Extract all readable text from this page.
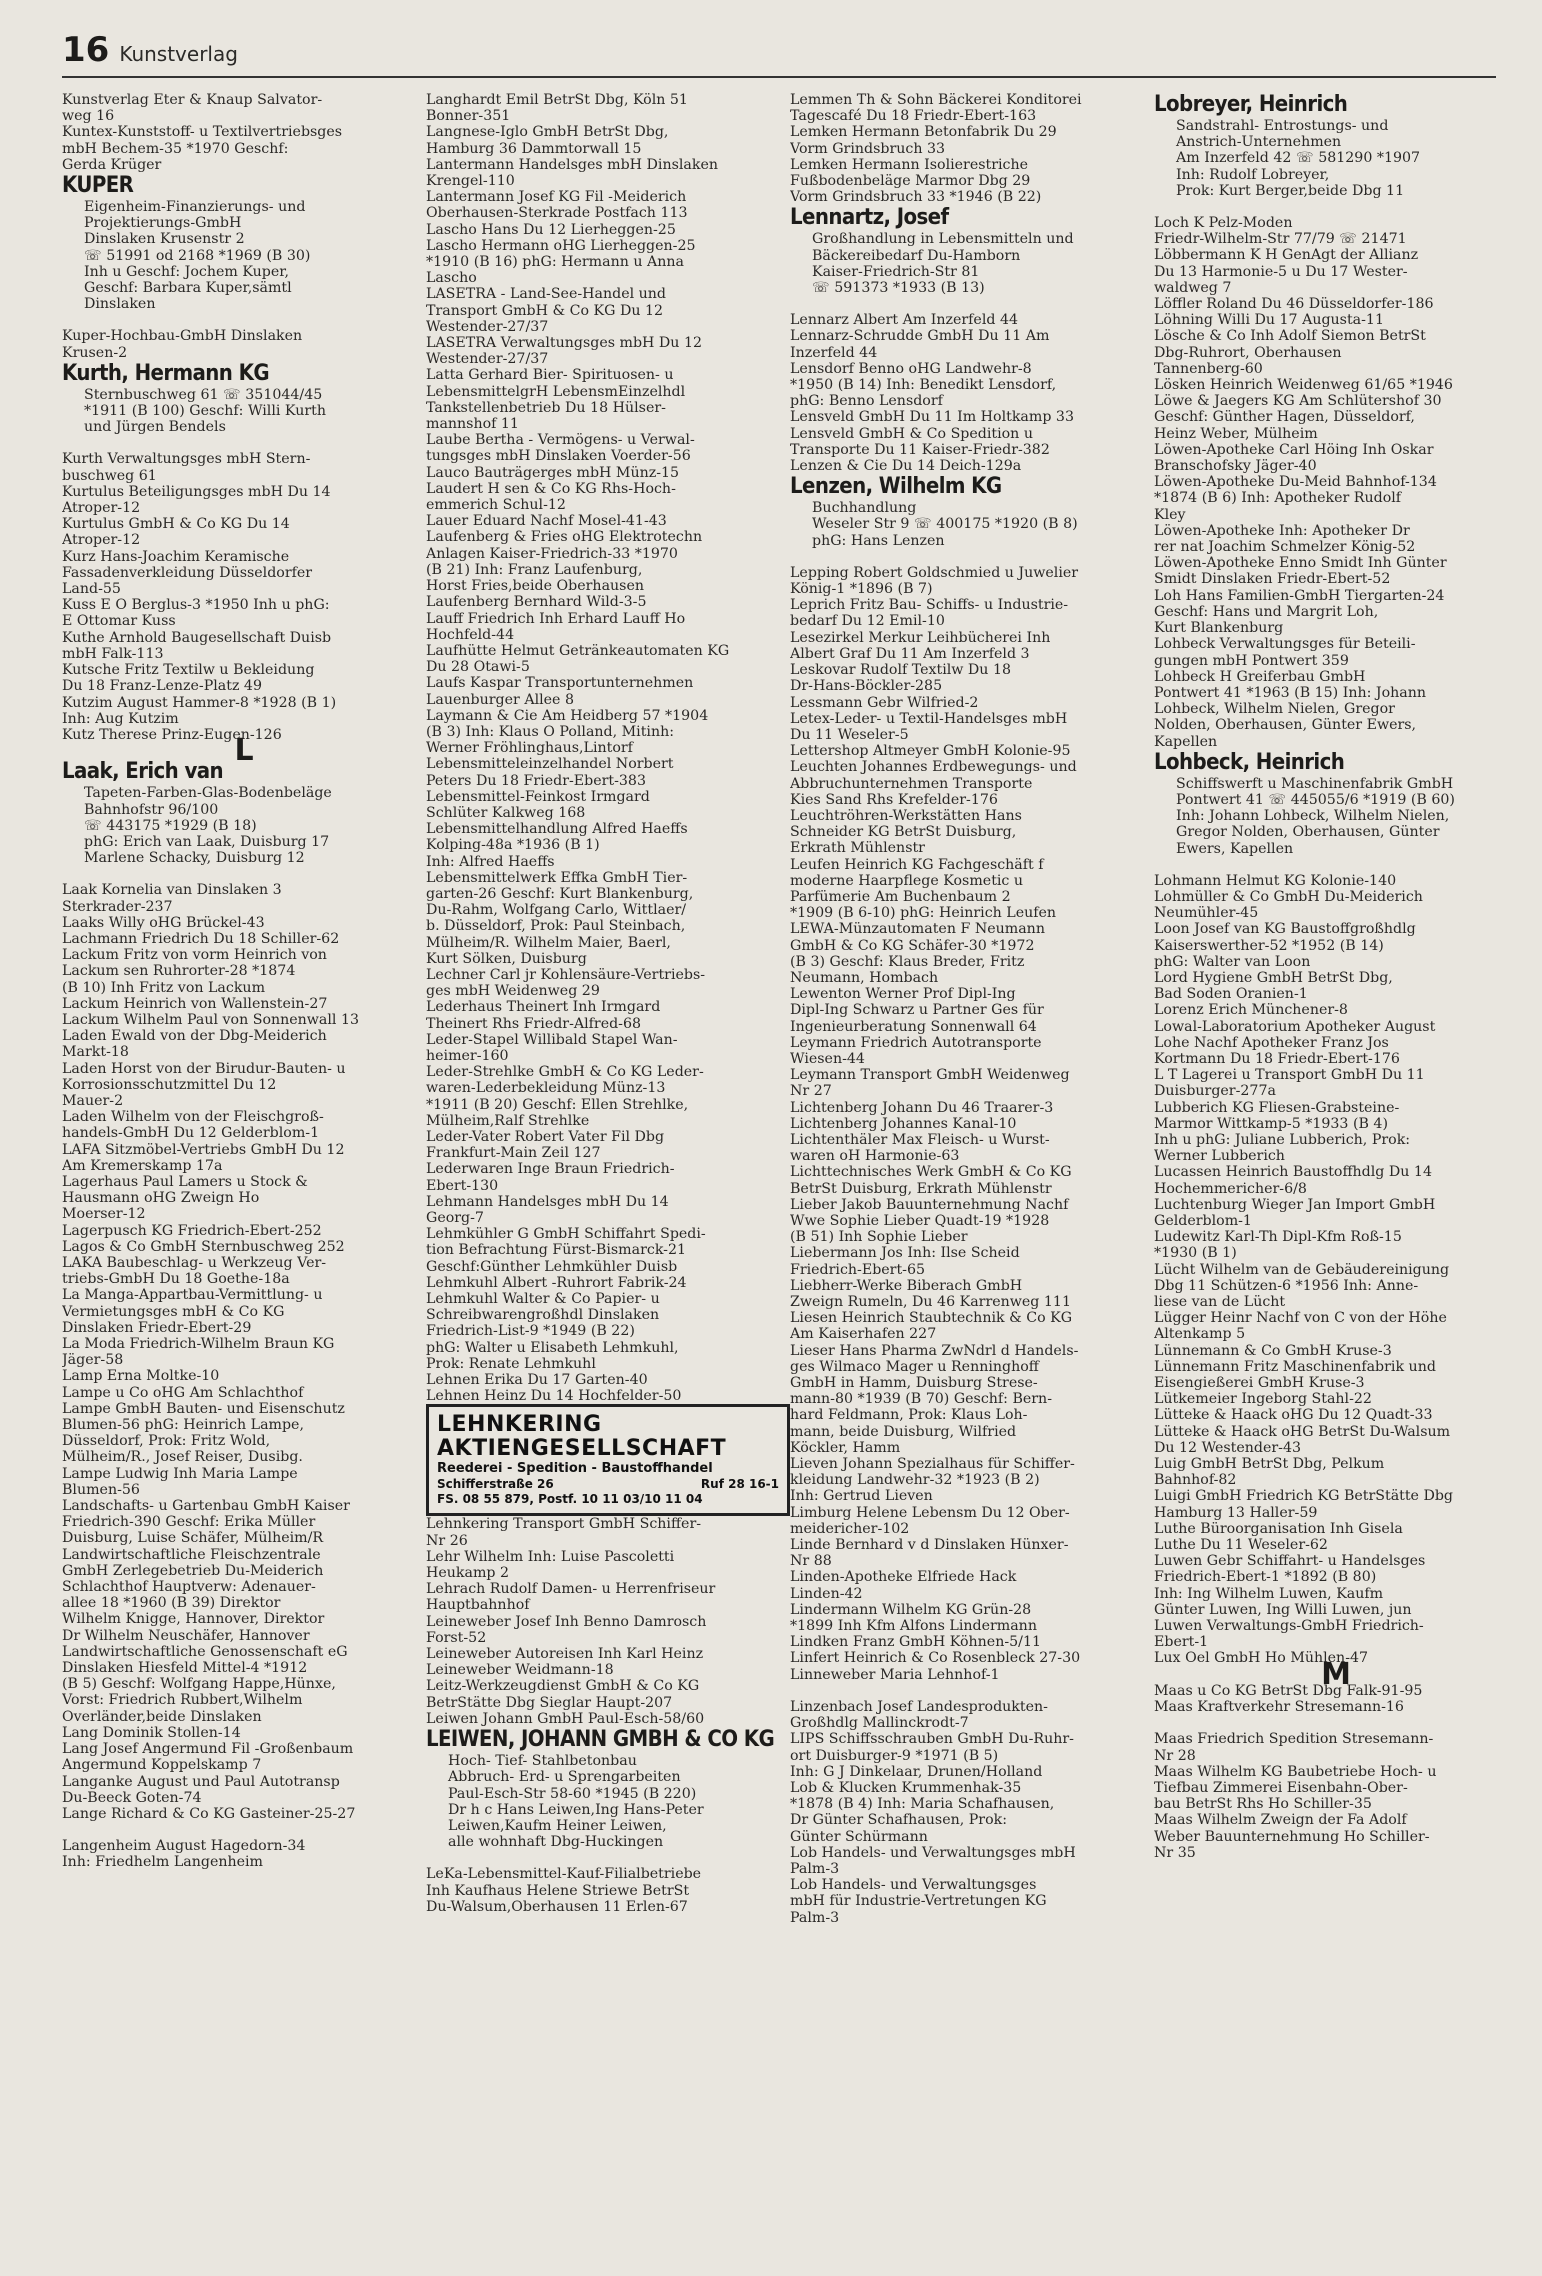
16 Kunstverlag
Kunstverlag Eter & Knaup Salvator-
weg 16
Kuntex-Kunststoff- u Textilvertriebsges
mbH Bechem-35 *1970 Geschf:
Gerda Krüger
KUPER
Eigenheim-Finanzierungs- und
Projektierungs-GmbH
Dinslaken Krusenstr 2
☏ 51991 od 2168 *1969 (B 30)
Inh u Geschf: Jochem Kuper,
Geschf: Barbara Kuper,sämtl
Dinslaken
Kuper-Hochbau-GmbH Dinslaken
Krusen-2
Kurth, Hermann KG
Sternbuschweg 61 ☏ 351044/45
*1911 (B 100) Geschf: Willi Kurth
und Jürgen Bendels
Kurth Verwaltungsges mbH Stern-
buschweg 61
Kurtulus Beteiligungsges mbH Du 14
Atroper-12
Kurtulus GmbH & Co KG Du 14
Atroper-12
Kurz Hans-Joachim Keramische
Fassadenverkleidung Düsseldorfer
Land-55
Kuss E O Berglus-3 *1950 Inh u phG:
E Ottomar Kuss
Kuthe Arnhold Baugesellschaft Duisb
mbH Falk-113
Kutsche Fritz Textilw u Bekleidung
Du 18 Franz-Lenze-Platz 49
Kutzim August Hammer-8 *1928 (B 1)
Inh: Aug Kutzim
Kutz Therese Prinz-Eugen-126
L
Laak, Erich van
Tapeten-Farben-Glas-Bodenbeläge
Bahnhofstr 96/100
☏ 443175 *1929 (B 18)
phG: Erich van Laak, Duisburg 17
Marlene Schacky, Duisburg 12
Laak Kornelia van Dinslaken 3
Sterkrader-237
Laaks Willy oHG Brückel-43
Lachmann Friedrich Du 18 Schiller-62
Lackum Fritz von vorm Heinrich von
Lackum sen Ruhrorter-28 *1874
(B 10) Inh Fritz von Lackum
Lackum Heinrich von Wallenstein-27
Lackum Wilhelm Paul von Sonnenwall 13
Laden Ewald von der Dbg-Meiderich
Markt-18
Laden Horst von der Birudur-Bauten- u
Korrosionsschutzmittel Du 12
Mauer-2
Laden Wilhelm von der Fleischgroß-
handels-GmbH Du 12 Gelderblom-1
LAFA Sitzmöbel-Vertriebs GmbH Du 12
Am Kremerskamp 17a
Lagerhaus Paul Lamers u Stock &
Hausmann oHG Zweign Ho
Moerser-12
Lagerpusch KG Friedrich-Ebert-252
Lagos & Co GmbH Sternbuschweg 252
LAKA Baubeschlag- u Werkzeug Ver-
triebs-GmbH Du 18 Goethe-18a
La Manga-Appartbau-Vermittlung- u
Vermietungsges mbH & Co KG
Dinslaken Friedr-Ebert-29
La Moda Friedrich-Wilhelm Braun KG
Jäger-58
Lamp Erna Moltke-10
Lampe u Co oHG Am Schlachthof
Lampe GmbH Bauten- und Eisenschutz
Blumen-56 phG: Heinrich Lampe,
Düsseldorf, Prok: Fritz Wold,
Mülheim/R., Josef Reiser, Dusibg.
Lampe Ludwig Inh Maria Lampe
Blumen-56
Landschafts- u Gartenbau GmbH Kaiser
Friedrich-390 Geschf: Erika Müller
Duisburg, Luise Schäfer, Mülheim/R
Landwirtschaftliche Fleischzentrale
GmbH Zerlegebetrieb Du-Meiderich
Schlachthof Hauptverw: Adenauer-
allee 18 *1960 (B 39) Direktor
Wilhelm Knigge, Hannover, Direktor
Dr Wilhelm Neuschäfer, Hannover
Landwirtschaftliche Genossenschaft eG
Dinslaken Hiesfeld Mittel-4 *1912
(B 5) Geschf: Wolfgang Happe,Hünxe,
Vorst: Friedrich Rubbert,Wilhelm
Overländer,beide Dinslaken
Lang Dominik Stollen-14
Lang Josef Angermund Fil -Großenbaum
Angermund Koppelskamp 7
Langanke August und Paul Autotransp
Du-Beeck Goten-74
Lange Richard & Co KG Gasteiner-25-27
Langenheim August Hagedorn-34
Inh: Friedhelm Langenheim
Langhardt Emil BetrSt Dbg, Köln 51
Bonner-351
Langnese-Iglo GmbH BetrSt Dbg,
Hamburg 36 Dammtorwall 15
Lantermann Handelsges mbH Dinslaken
Krengel-110
Lantermann Josef KG Fil -Meiderich
Oberhausen-Sterkrade Postfach 113
Lascho Hans Du 12 Lierheggen-25
Lascho Hermann oHG Lierheggen-25
*1910 (B 16) phG: Hermann u Anna
Lascho
LASETRA - Land-See-Handel und
Transport GmbH & Co KG Du 12
Westender-27/37
LASETRA Verwaltungsges mbH Du 12
Westender-27/37
Latta Gerhard Bier- Spirituosen- u
LebensmittelgrH LebensmEinzelhdl
Tankstellenbetrieb Du 18 Hülser-
mannshof 11
Laube Bertha - Vermögens- u Verwal-
tungsges mbH Dinslaken Voerder-56
Lauco Bauträgerges mbH Münz-15
Laudert H sen & Co KG Rhs-Hoch-
emmerich Schul-12
Lauer Eduard Nachf Mosel-41-43
Laufenberg & Fries oHG Elektrotechn
Anlagen Kaiser-Friedrich-33 *1970
(B 21) Inh: Franz Laufenburg,
Horst Fries,beide Oberhausen
Laufenberg Bernhard Wild-3-5
Lauff Friedrich Inh Erhard Lauff Ho
Hochfeld-44
Laufhütte Helmut Getränkeautomaten KG
Du 28 Otawi-5
Laufs Kaspar Transportunternehmen
Lauenburger Allee 8
Laymann & Cie Am Heidberg 57 *1904
(B 3) Inh: Klaus O Polland, Mitinh:
Werner Fröhlinghaus,Lintorf
Lebensmitteleinzelhandel Norbert
Peters Du 18 Friedr-Ebert-383
Lebensmittel-Feinkost Irmgard
Schlüter Kalkweg 168
Lebensmittelhandlung Alfred Haeffs
Kolping-48a *1936 (B 1)
Inh: Alfred Haeffs
Lebensmittelwerk Effka GmbH Tier-
garten-26 Geschf: Kurt Blankenburg,
Du-Rahm, Wolfgang Carlo, Wittlaer/
b. Düsseldorf, Prok: Paul Steinbach,
Mülheim/R. Wilhelm Maier, Baerl,
Kurt Sölken, Duisburg
Lechner Carl jr Kohlensäure-Vertriebs-
ges mbH Weidenweg 29
Lederhaus Theinert Inh Irmgard
Theinert Rhs Friedr-Alfred-68
Leder-Stapel Willibald Stapel Wan-
heimer-160
Leder-Strehlke GmbH & Co KG Leder-
waren-Lederbekleidung Münz-13
*1911 (B 20) Geschf: Ellen Strehlke,
Mülheim,Ralf Strehlke
Leder-Vater Robert Vater Fil Dbg
Frankfurt-Main Zeil 127
Lederwaren Inge Braun Friedrich-
Ebert-130
Lehmann Handelsges mbH Du 14
Georg-7
Lehmkühler G GmbH Schiffahrt Spedi-
tion Befrachtung Fürst-Bismarck-21
Geschf:Günther Lehmkühler Duisb
Lehmkuhl Albert -Ruhrort Fabrik-24
Lehmkuhl Walter & Co Papier- u
Schreibwarengroßhdl Dinslaken
Friedrich-List-9 *1949 (B 22)
phG: Walter u Elisabeth Lehmkuhl,
Prok: Renate Lehmkuhl
Lehnen Erika Du 17 Garten-40
Lehnen Heinz Du 14 Hochfelder-50
LEHNKERING AKTIENGESELLSCHAFT
Reederei - Spedition - Baustoffhandel
Schifferstraße 26	Ruf 28 16-1
FS. 08 55 879, Postf. 10 11 03/10 11 04
Lehnkering Transport GmbH Schiffer-
Nr 26
Lehr Wilhelm Inh: Luise Pascoletti
Heukamp 2
Lehrach Rudolf Damen- u Herrenfriseur
Hauptbahnhof
Leineweber Josef Inh Benno Damrosch
Forst-52
Leineweber Autoreisen Inh Karl Heinz
Leineweber Weidmann-18
Leitz-Werkzeugdienst GmbH & Co KG
BetrStätte Dbg Sieglar Haupt-207
Leiwen Johann GmbH Paul-Esch-58/60
LEIWEN, JOHANN GMBH & CO KG
Hoch- Tief- Stahlbetonbau
Abbruch- Erd- u Sprengarbeiten
Paul-Esch-Str 58-60 *1945 (B 220)
Dr h c Hans Leiwen,Ing Hans-Peter
Leiwen,Kaufm Heiner Leiwen,
alle wohnhaft Dbg-Huckingen
LeKa-Lebensmittel-Kauf-Filialbetriebe
Inh Kaufhaus Helene Striewe BetrSt
Du-Walsum,Oberhausen 11 Erlen-67
Lemmen Th & Sohn Bäckerei Konditorei
Tagescafé Du 18 Friedr-Ebert-163
Lemken Hermann Betonfabrik Du 29
Vorm Grindsbruch 33
Lemken Hermann Isolierestriche
Fußbodenbeläge Marmor Dbg 29
Vorm Grindsbruch 33 *1946 (B 22)
Lennartz, Josef
Großhandlung in Lebensmitteln und
Bäckereibedarf Du-Hamborn
Kaiser-Friedrich-Str 81
☏ 591373 *1933 (B 13)
Lennarz Albert Am Inzerfeld 44
Lennarz-Schrudde GmbH Du 11 Am
Inzerfeld 44
Lensdorf Benno oHG Landwehr-8
*1950 (B 14) Inh: Benedikt Lensdorf,
phG: Benno Lensdorf
Lensveld GmbH Du 11 Im Holtkamp 33
Lensveld GmbH & Co Spedition u
Transporte Du 11 Kaiser-Friedr-382
Lenzen & Cie Du 14 Deich-129a
Lenzen, Wilhelm KG
Buchhandlung
Weseler Str 9 ☏ 400175 *1920 (B 8)
phG: Hans Lenzen
Lepping Robert Goldschmied u Juwelier
König-1 *1896 (B 7)
Leprich Fritz Bau- Schiffs- u Industrie-
bedarf Du 12 Emil-10
Lesezirkel Merkur Leihbücherei Inh
Albert Graf Du 11 Am Inzerfeld 3
Leskovar Rudolf Textilw Du 18
Dr-Hans-Böckler-285
Lessmann Gebr Wilfried-2
Letex-Leder- u Textil-Handelsges mbH
Du 11 Weseler-5
Lettershop Altmeyer GmbH Kolonie-95
Leuchten Johannes Erdbewegungs- und
Abbruchunternehmen Transporte
Kies Sand Rhs Krefelder-176
Leuchtröhren-Werkstätten Hans
Schneider KG BetrSt Duisburg,
Erkrath Mühlenstr
Leufen Heinrich KG Fachgeschäft f
moderne Haarpflege Kosmetic u
Parfümerie Am Buchenbaum 2
*1909 (B 6-10) phG: Heinrich Leufen
LEWA-Münzautomaten F Neumann
GmbH & Co KG Schäfer-30 *1972
(B 3) Geschf: Klaus Breder, Fritz
Neumann, Hombach
Lewenton Werner Prof Dipl-Ing
Dipl-Ing Schwarz u Partner Ges für
Ingenieurberatung Sonnenwall 64
Leymann Friedrich Autotransporte
Wiesen-44
Leymann Transport GmbH Weidenweg
Nr 27
Lichtenberg Johann Du 46 Traarer-3
Lichtenberg Johannes Kanal-10
Lichtenthäler Max Fleisch- u Wurst-
waren oH Harmonie-63
Lichttechnisches Werk GmbH & Co KG
BetrSt Duisburg, Erkrath Mühlenstr
Lieber Jakob Bauunternehmung Nachf
Wwe Sophie Lieber Quadt-19 *1928
(B 51) Inh Sophie Lieber
Liebermann Jos Inh: Ilse Scheid
Friedrich-Ebert-65
Liebherr-Werke Biberach GmbH
Zweign Rumeln, Du 46 Karrenweg 111
Liesen Heinrich Staubtechnik & Co KG
Am Kaiserhafen 227
Lieser Hans Pharma ZwNdrl d Handels-
ges Wilmaco Mager u Renninghoff
GmbH in Hamm, Duisburg Strese-
mann-80 *1939 (B 70) Geschf: Bern-
hard Feldmann, Prok: Klaus Loh-
mann, beide Duisburg, Wilfried
Köckler, Hamm
Lieven Johann Spezialhaus für Schiffer-
kleidung Landwehr-32 *1923 (B 2)
Inh: Gertrud Lieven
Limburg Helene Lebensm Du 12 Ober-
meidericher-102
Linde Bernhard v d Dinslaken Hünxer-
Nr 88
Linden-Apotheke Elfriede Hack
Linden-42
Lindermann Wilhelm KG Grün-28
*1899 Inh Kfm Alfons Lindermann
Lindken Franz GmbH Köhnen-5/11
Linfert Heinrich & Co Rosenbleck 27-30
Linneweber Maria Lehnhof-1
Linzenbach Josef Landesprodukten-
Großhdlg Mallinckrodt-7
LIPS Schiffsschrauben GmbH Du-Ruhr-
ort Duisburger-9 *1971 (B 5)
Inh: G J Dinkelaar, Drunen/Holland
Lob & Klucken Krummenhak-35
*1878 (B 4) Inh: Maria Schafhausen,
Dr Günter Schafhausen, Prok:
Günter Schürmann
Lob Handels- und Verwaltungsges mbH
Palm-3
Lob Handels- und Verwaltungsges
mbH für Industrie-Vertretungen KG
Palm-3
Lobreyer, Heinrich
Sandstrahl- Entrostungs- und
Anstrich-Unternehmen
Am Inzerfeld 42 ☏ 581290 *1907
Inh: Rudolf Lobreyer,
Prok: Kurt Berger,beide Dbg 11
Loch K Pelz-Moden
Friedr-Wilhelm-Str 77/79 ☏ 21471
Löbbermann K H GenAgt der Allianz
Du 13 Harmonie-5 u Du 17 Wester-
waldweg 7
Löffler Roland Du 46 Düsseldorfer-186
Löhning Willi Du 17 Augusta-11
Lösche & Co Inh Adolf Siemon BetrSt
Dbg-Ruhrort, Oberhausen
Tannenberg-60
Lösken Heinrich Weidenweg 61/65 *1946
Löwe & Jaegers KG Am Schlütershof 30
Geschf: Günther Hagen, Düsseldorf,
Heinz Weber, Mülheim
Löwen-Apotheke Carl Höing Inh Oskar
Branschofsky Jäger-40
Löwen-Apotheke Du-Meid Bahnhof-134
*1874 (B 6) Inh: Apotheker Rudolf
Kley
Löwen-Apotheke Inh: Apotheker Dr
rer nat Joachim Schmelzer König-52
Löwen-Apotheke Enno Smidt Inh Günter
Smidt Dinslaken Friedr-Ebert-52
Loh Hans Familien-GmbH Tiergarten-24
Geschf: Hans und Margrit Loh,
Kurt Blankenburg
Lohbeck Verwaltungsges für Beteili-
gungen mbH Pontwert 359
Lohbeck H Greiferbau GmbH
Pontwert 41 *1963 (B 15) Inh: Johann
Lohbeck, Wilhelm Nielen, Gregor
Nolden, Oberhausen, Günter Ewers,
Kapellen
Lohbeck, Heinrich
Schiffswerft u Maschinenfabrik GmbH
Pontwert 41 ☏ 445055/6 *1919 (B 60)
Inh: Johann Lohbeck, Wilhelm Nielen,
Gregor Nolden, Oberhausen, Günter
Ewers, Kapellen
Lohmann Helmut KG Kolonie-140
Lohmüller & Co GmbH Du-Meiderich
Neumühler-45
Loon Josef van KG Baustoffgroßhdlg
Kaiserswerther-52 *1952 (B 14)
phG: Walter van Loon
Lord Hygiene GmbH BetrSt Dbg,
Bad Soden Oranien-1
Lorenz Erich Münchener-8
Lowal-Laboratorium Apotheker August
Lohe Nachf Apotheker Franz Jos
Kortmann Du 18 Friedr-Ebert-176
L T Lagerei u Transport GmbH Du 11
Duisburger-277a
Lubberich KG Fliesen-Grabsteine-
Marmor Wittkamp-5 *1933 (B 4)
Inh u phG: Juliane Lubberich, Prok:
Werner Lubberich
Lucassen Heinrich Baustoffhdlg Du 14
Hochemmericher-6/8
Luchtenburg Wieger Jan Import GmbH
Gelderblom-1
Ludewitz Karl-Th Dipl-Kfm Roß-15
*1930 (B 1)
Lücht Wilhelm van de Gebäudereinigung
Dbg 11 Schützen-6 *1956 Inh: Anne-
liese van de Lücht
Lügger Heinr Nachf von C von der Höhe
Altenkamp 5
Lünnemann & Co GmbH Kruse-3
Lünnemann Fritz Maschinenfabrik und
Eisengießerei GmbH Kruse-3
Lütkemeier Ingeborg Stahl-22
Lütteke & Haack oHG Du 12 Quadt-33
Lütteke & Haack oHG BetrSt Du-Walsum
Du 12 Westender-43
Luig GmbH BetrSt Dbg, Pelkum
Bahnhof-82
Luigi GmbH Friedrich KG BetrStätte Dbg
Hamburg 13 Haller-59
Luthe Büroorganisation Inh Gisela
Luthe Du 11 Weseler-62
Luwen Gebr Schiffahrt- u Handelsges
Friedrich-Ebert-1 *1892 (B 80)
Inh: Ing Wilhelm Luwen, Kaufm
Günter Luwen, Ing Willi Luwen, jun
Luwen Verwaltungs-GmbH Friedrich-
Ebert-1
Lux Oel GmbH Ho Mühlen-47
M
Maas u Co KG BetrSt Dbg Falk-91-95
Maas Kraftverkehr Stresemann-16
Maas Friedrich Spedition Stresemann-
Nr 28
Maas Wilhelm KG Baubetriebe Hoch- u
Tiefbau Zimmerei Eisenbahn-Ober-
bau BetrSt Rhs Ho Schiller-35
Maas Wilhelm Zweign der Fa Adolf
Weber Bauunternehmung Ho Schiller-
Nr 35
